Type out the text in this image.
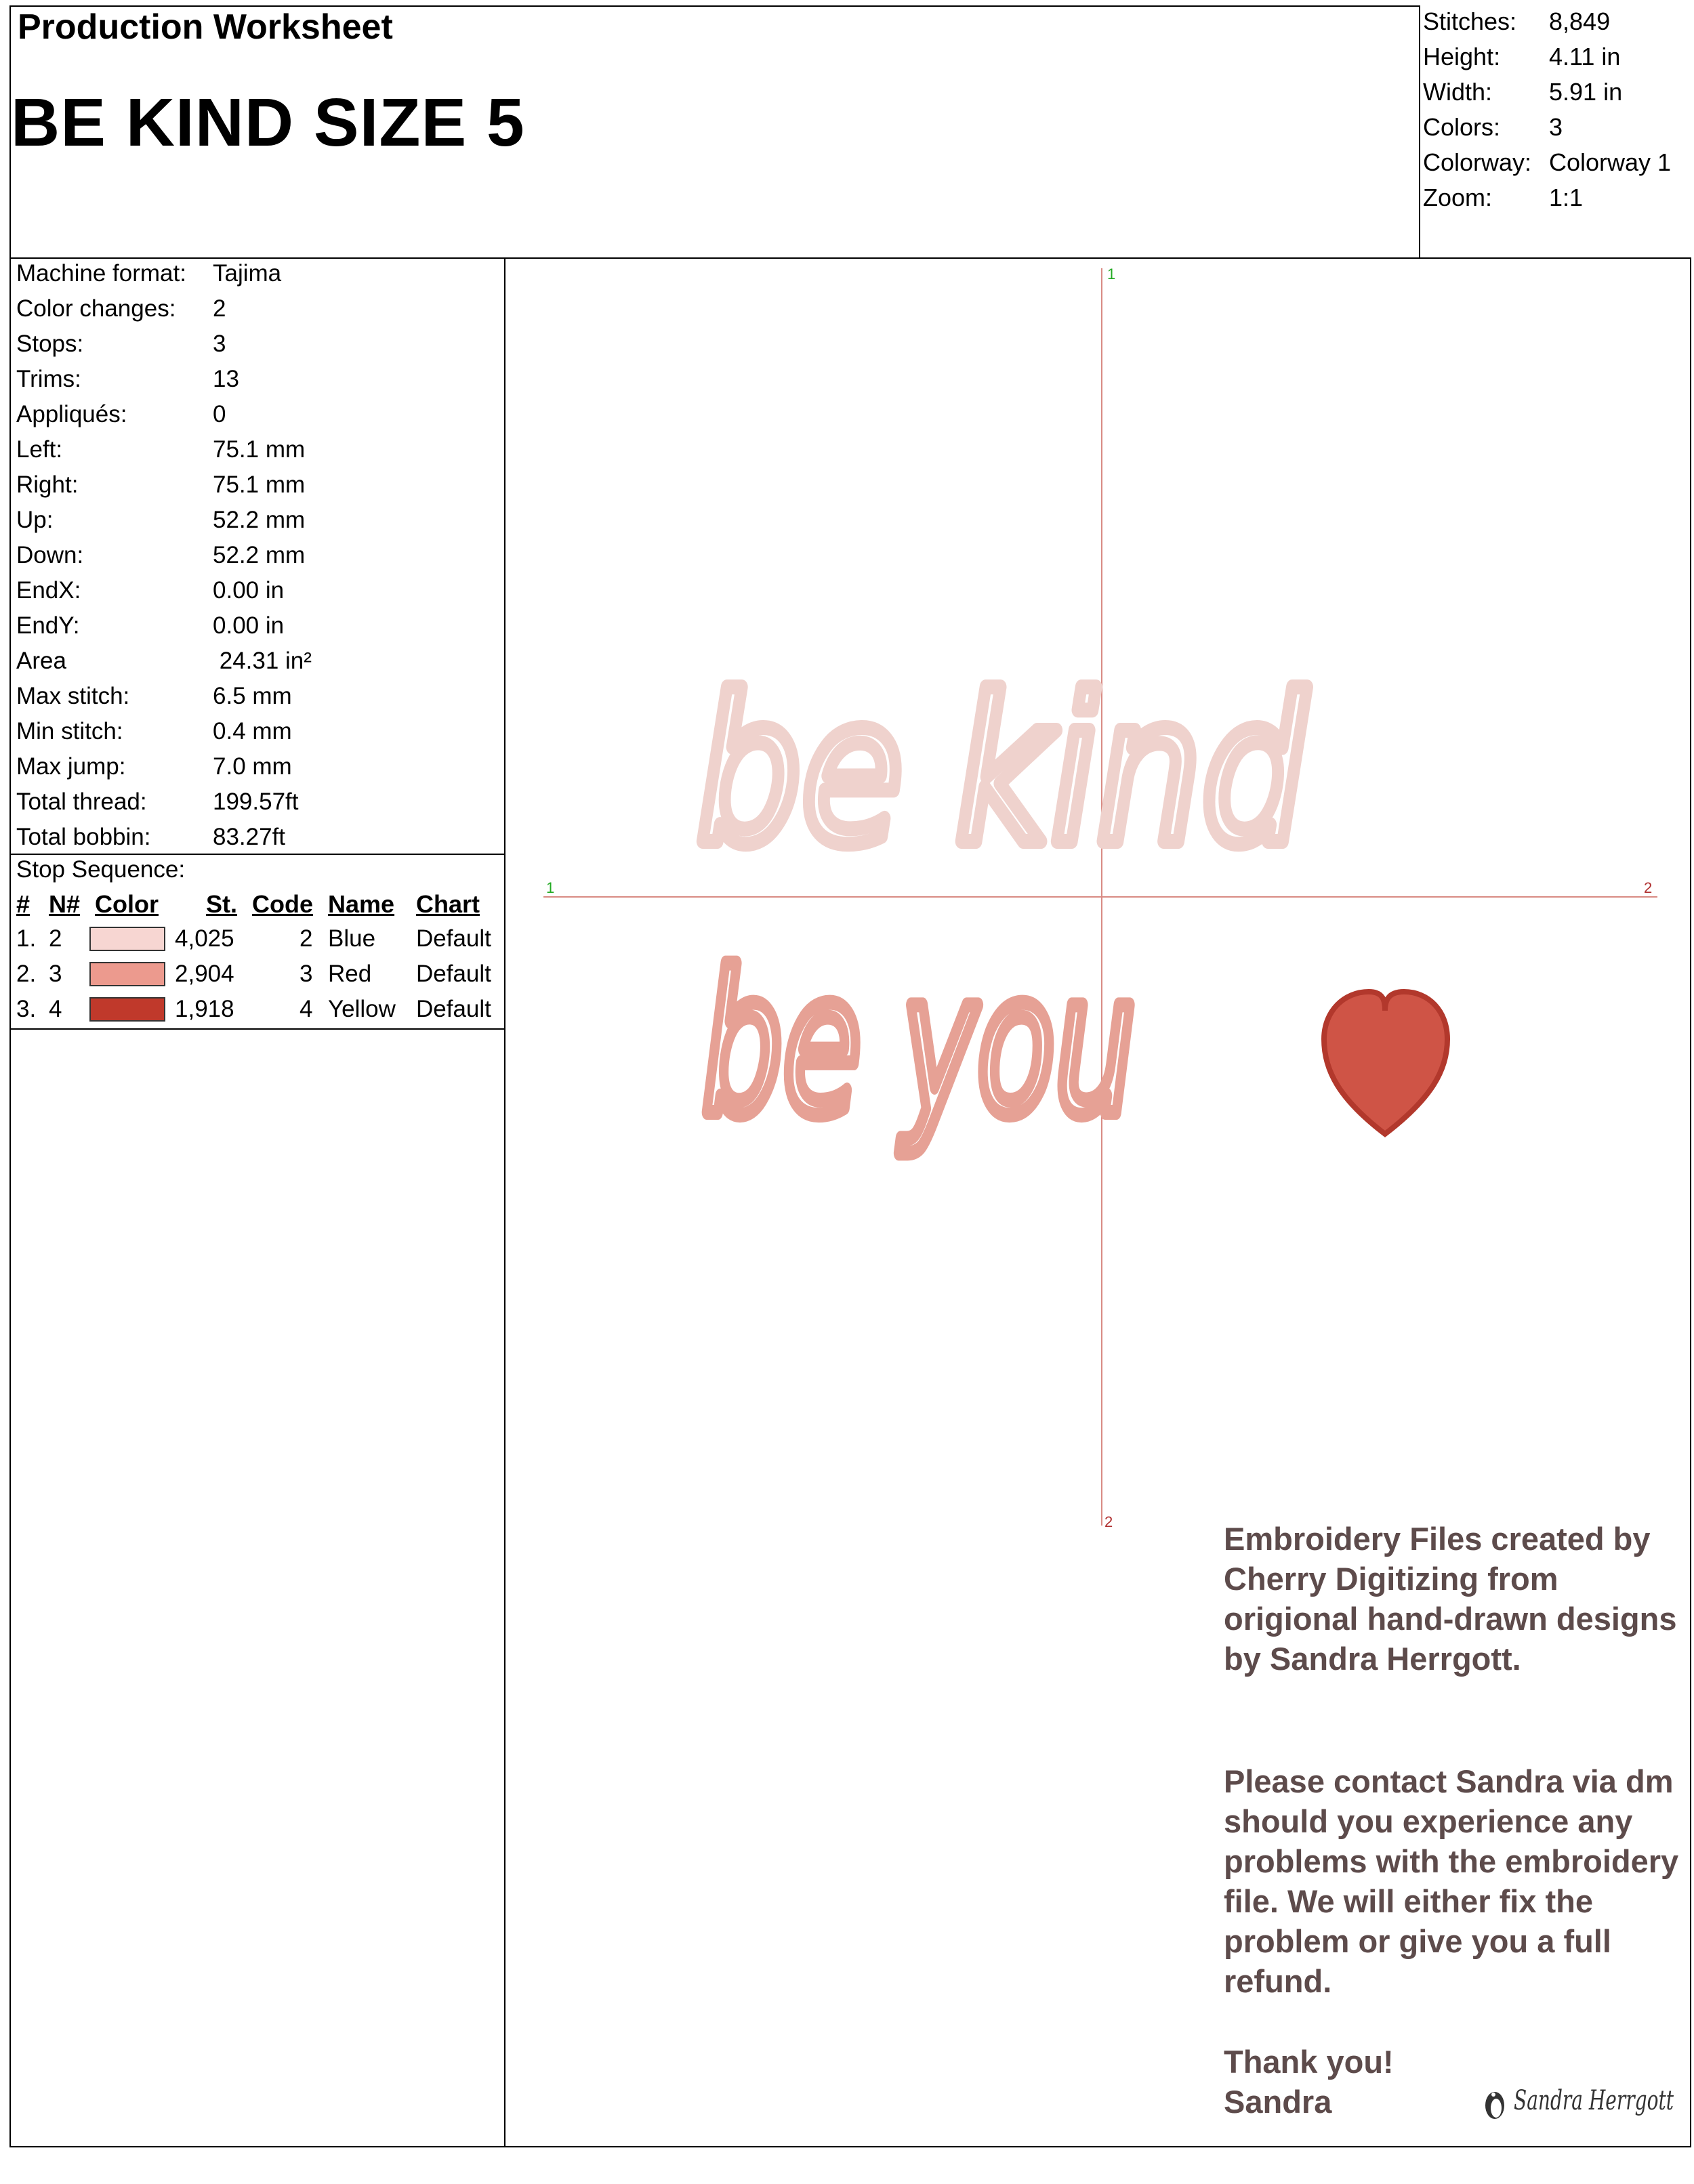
Production Worksheet
BE KIND SIZE 5
Stitches: 8,849
Height: 4.11 in
Width: 5.91 in
Colors: 3
Colorway: Colorway 1
Zoom: 1:1
Machine format: Tajima
Color changes: 2
Stops:	3
Trims:	13
Appliqués:	0
Left:	75.1 mm
Right:	75.1 mm
Up:	52.2 mm
Down:	52.2 mm
EndX:	0.00 in
EndY:	0.00 in
Area	24.31 in²
Max stitch:	6.5 mm
Min stitch:	0.4 mm
Max jump:	7.0 mm
Total thread:	199.57ft
Total bobbin:	83.27ft
Stop Sequence:
# N# Color St. Code Name Chart
1. 2	4,025	2 Blue Default
2. 3	2,904	3 Red Default
3. 4	1,918	4 Yellow Default
1
1	2
2
be kind
be you
Embroidery Files created by Cherry Digitizing from origional hand-drawn designs by Sandra Herrgott.
Please contact Sandra via dm should you experience any problems with the embroidery file. We will either fix the problem or give you a full refund.
Thank you!
Sandra	Sandra Herrgott
